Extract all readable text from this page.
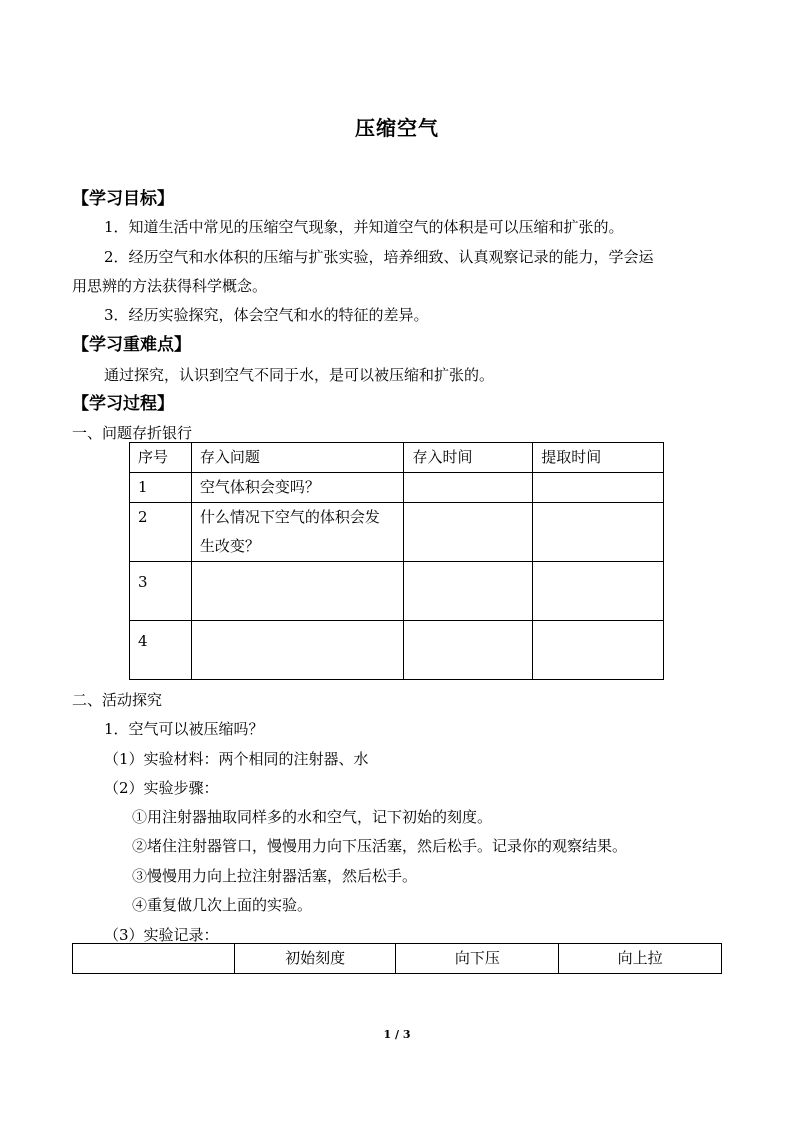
压缩空气
【学习目标】
1．知道生活中常见的压缩空气现象，并知道空气的体积是可以压缩和扩张的。
2．经历空气和水体积的压缩与扩张实验，培养细致、认真观察记录的能力，学会运
用思辨的方法获得科学概念。
3．经历实验探究，体会空气和水的特征的差异。
【学习重难点】
通过探究，认识到空气不同于水，是可以被压缩和扩张的。
【学习过程】
一、问题存折银行
序号	存入问题	存入时间	提取时间
1	空气体积会变吗？		
2	什么情况下空气的体积会发
生改变？		

3			
4			
二、活动探究
1．空气可以被压缩吗？
（1）实验材料：两个相同的注射器、水
（2）实验步骤：
①用注射器抽取同样多的水和空气，记下初始的刻度。
②堵住注射器管口，慢慢用力向下压活塞，然后松手。记录你的观察结果。
③慢慢用力向上拉注射器活塞，然后松手。
④重复做几次上面的实验。
（3）实验记录：
	初始刻度	向下压	向上拉
1 / 3
